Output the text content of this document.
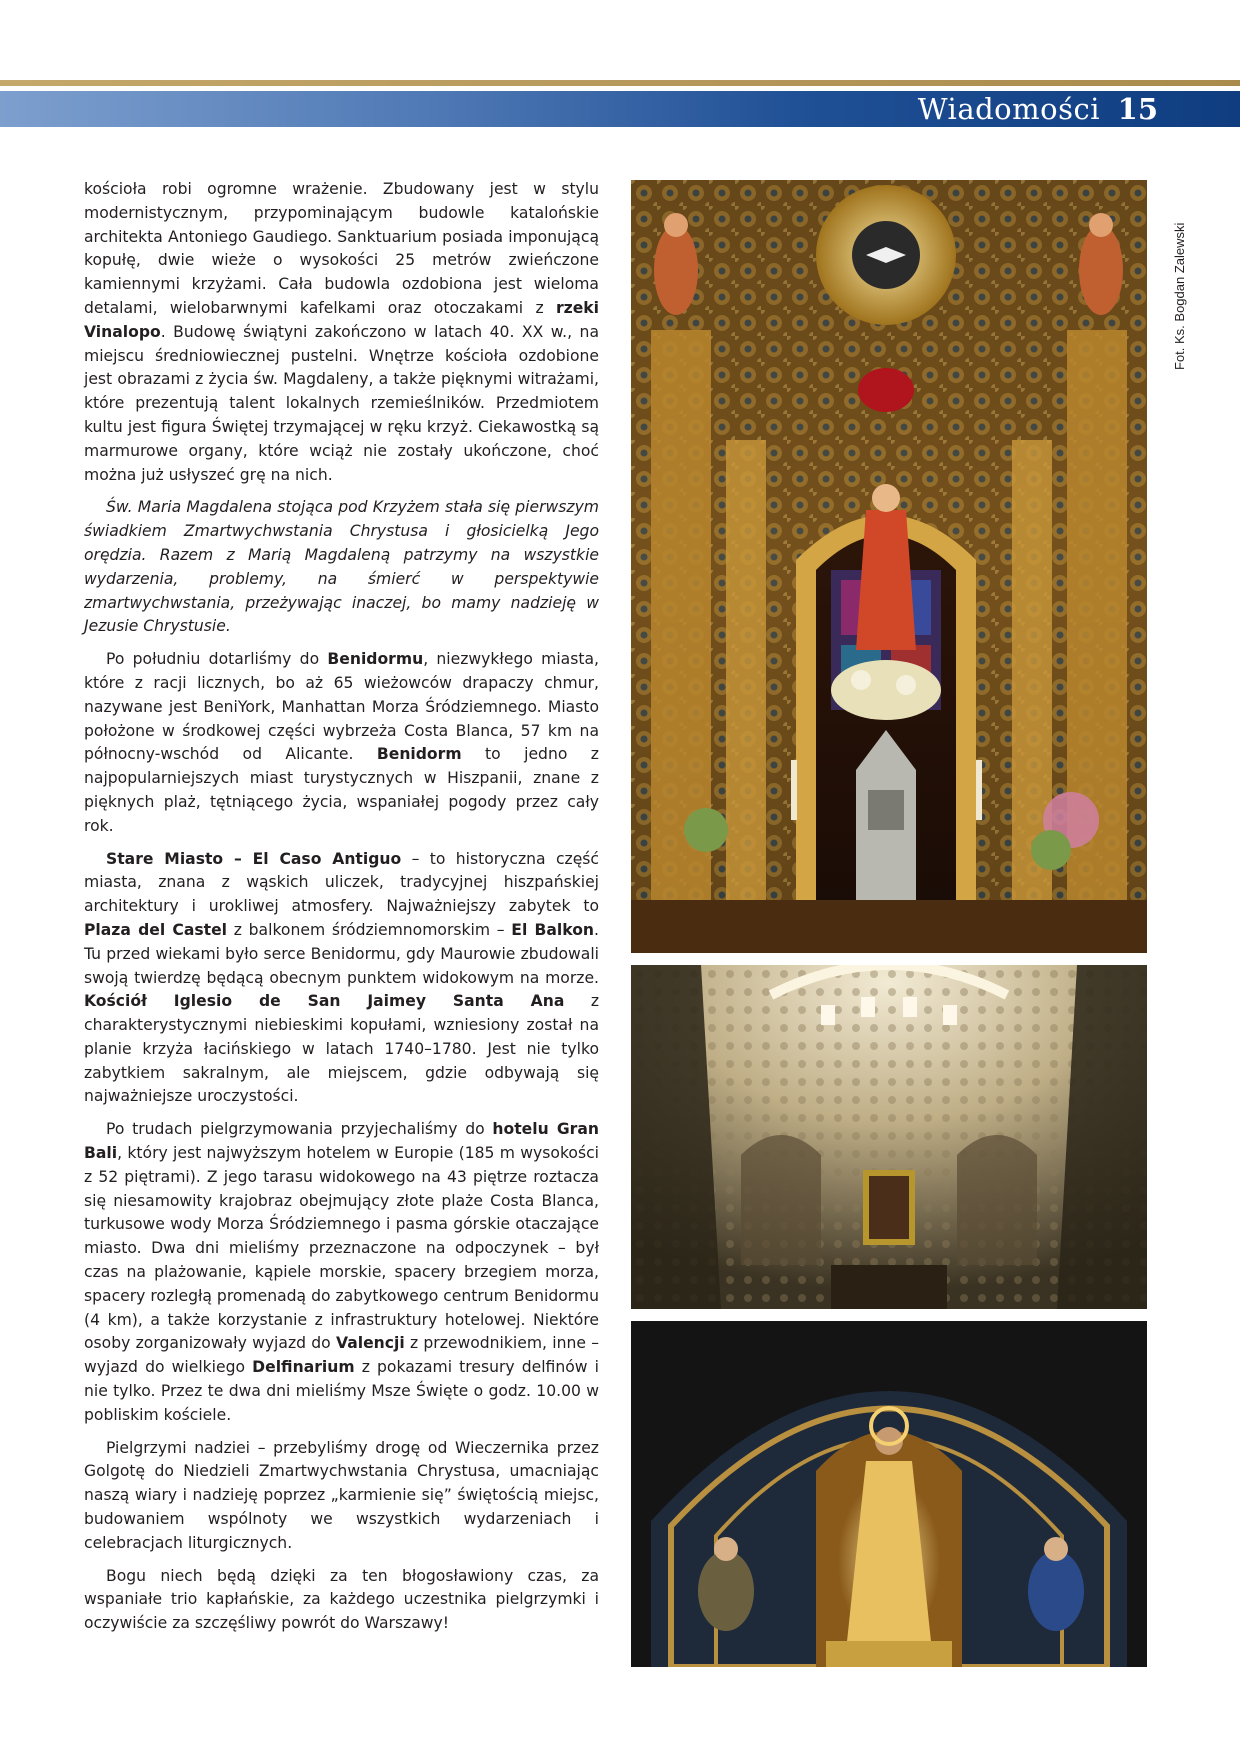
Wiadomości 15

kościoła robi ogromne wrażenie. Zbudowany jest w stylu modernistycznym, przypominającym budowle katalońskie architekta Antoniego Gaudiego. Sanktuarium posiada imponującą kopułę, dwie wieże o wysokości 25 metrów zwieńczone kamiennymi krzyżami. Cała budowla ozdobiona jest wieloma detalami, wielobarwnymi kafelkami oraz otoczakami z rzeki Vinalopo. Budowę świątyni zakończono w latach 40. XX w., na miejscu średniowiecznej pustelni. Wnętrze kościoła ozdobione jest obrazami z życia św. Magdaleny, a także pięknymi witrażami, które prezentują talent lokalnych rzemieślników. Przedmiotem kultu jest figura Świętej trzymającej w ręku krzyż. Ciekawostką są marmurowe organy, które wciąż nie zostały ukończone, choć można już usłyszeć grę na nich.

Św. Maria Magdalena stojąca pod Krzyżem stała się pierwszym świadkiem Zmartwychwstania Chrystusa i głosicielką Jego orędzia. Razem z Marią Magdaleną patrzymy na wszystkie wydarzenia, problemy, na śmierć w perspektywie zmartwychwstania, przeżywając inaczej, bo mamy nadzieję w Jezusie Chrystusie.

Po południu dotarliśmy do Benidormu, niezwykłego miasta, które z racji licznych, bo aż 65 wieżowców drapaczy chmur, nazywane jest BeniYork, Manhattan Morza Śródziemnego. Miasto położone w środkowej części wybrzeża Costa Blanca, 57 km na północny-wschód od Alicante. Benidorm to jedno z najpopularniejszych miast turystycznych w Hiszpanii, znane z pięknych plaż, tętniącego życia, wspaniałej pogody przez cały rok.

Stare Miasto – El Caso Antiguo – to historyczna część miasta, znana z wąskich uliczek, tradycyjnej hiszpańskiej architektury i urokliwej atmosfery. Najważniejszy zabytek to Plaza del Castel z balkonem śródziemnomorskim – El Balkon. Tu przed wiekami było serce Benidormu, gdy Maurowie zbudowali swoją twierdzę będącą obecnym punktem widokowym na morze. Kościół Iglesio de San Jaimey Santa Ana z charakterystycznymi niebieskimi kopułami, wzniesiony został na planie krzyża łacińskiego w latach 1740–1780. Jest nie tylko zabytkiem sakralnym, ale miejscem, gdzie odbywają się najważniejsze uroczystości.

Po trudach pielgrzymowania przyjechaliśmy do hotelu Gran Bali, który jest najwyższym hotelem w Europie (185 m wysokości z 52 piętrami). Z jego tarasu widokowego na 43 piętrze roztacza się niesamowity krajobraz obejmujący złote plaże Costa Blanca, turkusowe wody Morza Śródziemnego i pasma górskie otaczające miasto. Dwa dni mieliśmy przeznaczone na odpoczynek – był czas na plażowanie, kąpiele morskie, spacery brzegiem morza, spacery rozległą promenadą do zabytkowego centrum Benidormu (4 km), a także korzystanie z infrastruktury hotelowej. Niektóre osoby zorganizowały wyjazd do Valencji z przewodnikiem, inne – wyjazd do wielkiego Delfinarium z pokazami tresury delfinów i nie tylko. Przez te dwa dni mieliśmy Msze Święte o godz. 10.00 w pobliskim kościele.

Pielgrzymi nadziei – przebyliśmy drogę od Wieczernika przez Golgotę do Niedzieli Zmartwychwstania Chrystusa, umacniając naszą wiary i nadzieję poprzez „karmienie się” świętością miejsc, budowaniem wspólnoty we wszystkich wydarzeniach i celebracjach liturgicznych.

Bogu niech będą dzięki za ten błogosławiony czas, za wspaniałe trio kapłańskie, za każdego uczestnika pielgrzymki i oczywiście za szczęśliwy powrót do Warszawy!

Fot. Ks. Bogdan Zalewski
